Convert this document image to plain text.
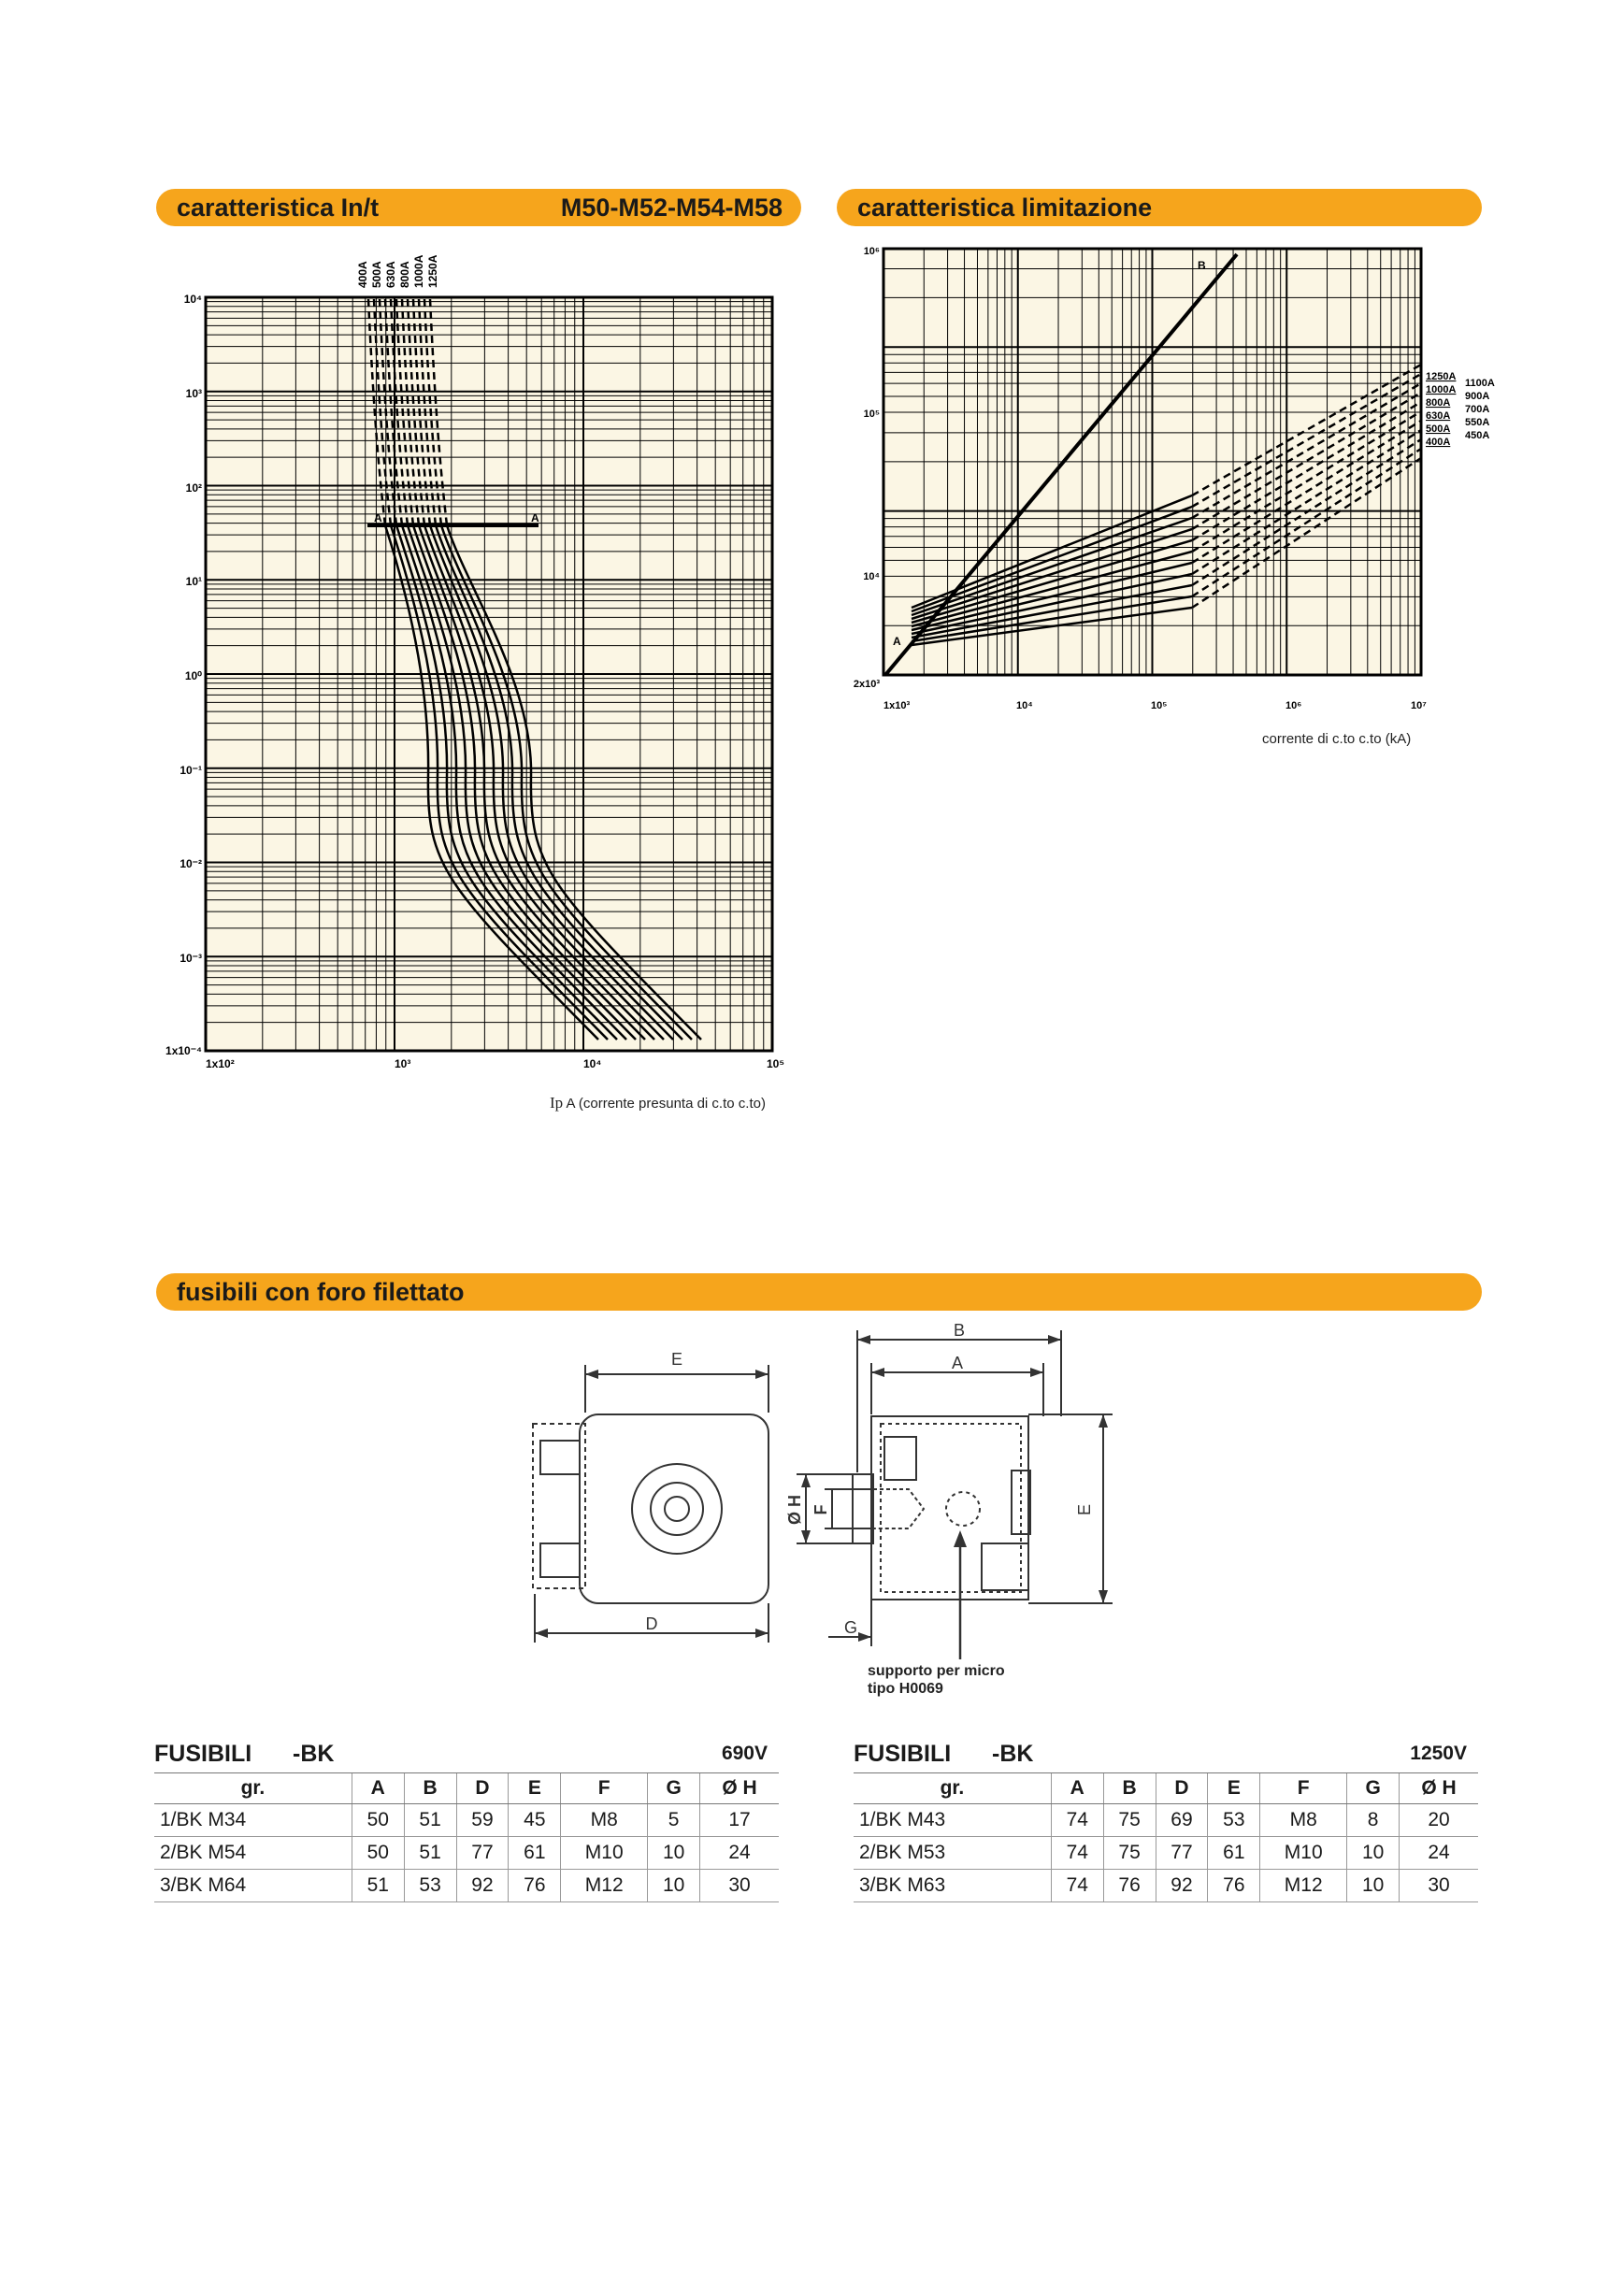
caratteristica In/t	M50-M52-M54-M58	caratteristica limitazione
fusibili con foro filettato
A	A
10⁴
10³
10²
10¹
10⁰
10⁻¹
10⁻²
10⁻³
1x10⁻⁴
1x10²	10³	10⁴	10⁵
400A 500A 630A 800A 1000A 1250A
Ip A (corrente presunta di c.to c.to)
A
B
10⁶
10⁵
10⁴
2x10³
1x10³	10⁴	10⁵	10⁶	10⁷
1250A
1000A
800A
630A
500A
400A
1100A
900A
700A
550A
450A
corrente di c.to c.to (kA)
E
D
B
A
G
Ø H F	E
supporto per micro
tipo H0069
FUSIBILI -BK	690V
gr.	A	B	D	E	F	G	Ø H
1/BK M34	50	51	59	45	M8	5	17
2/BK M54	50	51	77	61	M10	10	24
3/BK M64	51	53	92	76	M12	10	30
FUSIBILI -BK	1250V
gr.	A	B	D	E	F	G	Ø H
1/BK M43	74	75	69	53	M8	8	20
2/BK M53	74	75	77	61	M10	10	24
3/BK M63	74	76	92	76	M12	10	30
